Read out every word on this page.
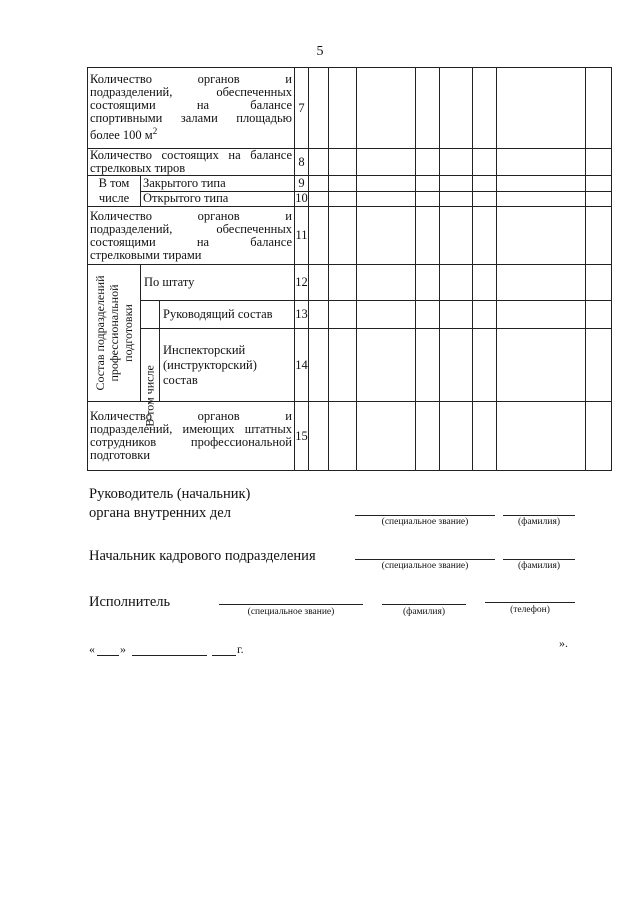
5
Количество органов и
подразделений, обеспеченных
состоящими на балансе
спортивными залами площадью
более 100 $м^2$		7								

Количество состоящих на балансе
стрелковых тиров		8								

В том
числе	Закрытого типа	9								
	Открытого типа	10								

Количество органов и
подразделений, обеспеченных
состоящими на балансе
стрелковыми тирами		11								

Состав подразделений профессиональной подготовки	По штату	12								

	В том числе
Руководящий состав	13								

	Инспекторский
(инструкторский)
состав	14								

Количество органов и
подразделений, имеющих штатных
сотрудников профессиональной
подготовки		15								
Руководитель (начальник)
органа внутренних дел
(специальное звание)	(фамилия)
Начальник кадрового подразделения
(специальное звание)	(фамилия)
Исполнитель
(специальное звание)	(фамилия)	(телефон)
« »	г.	».
